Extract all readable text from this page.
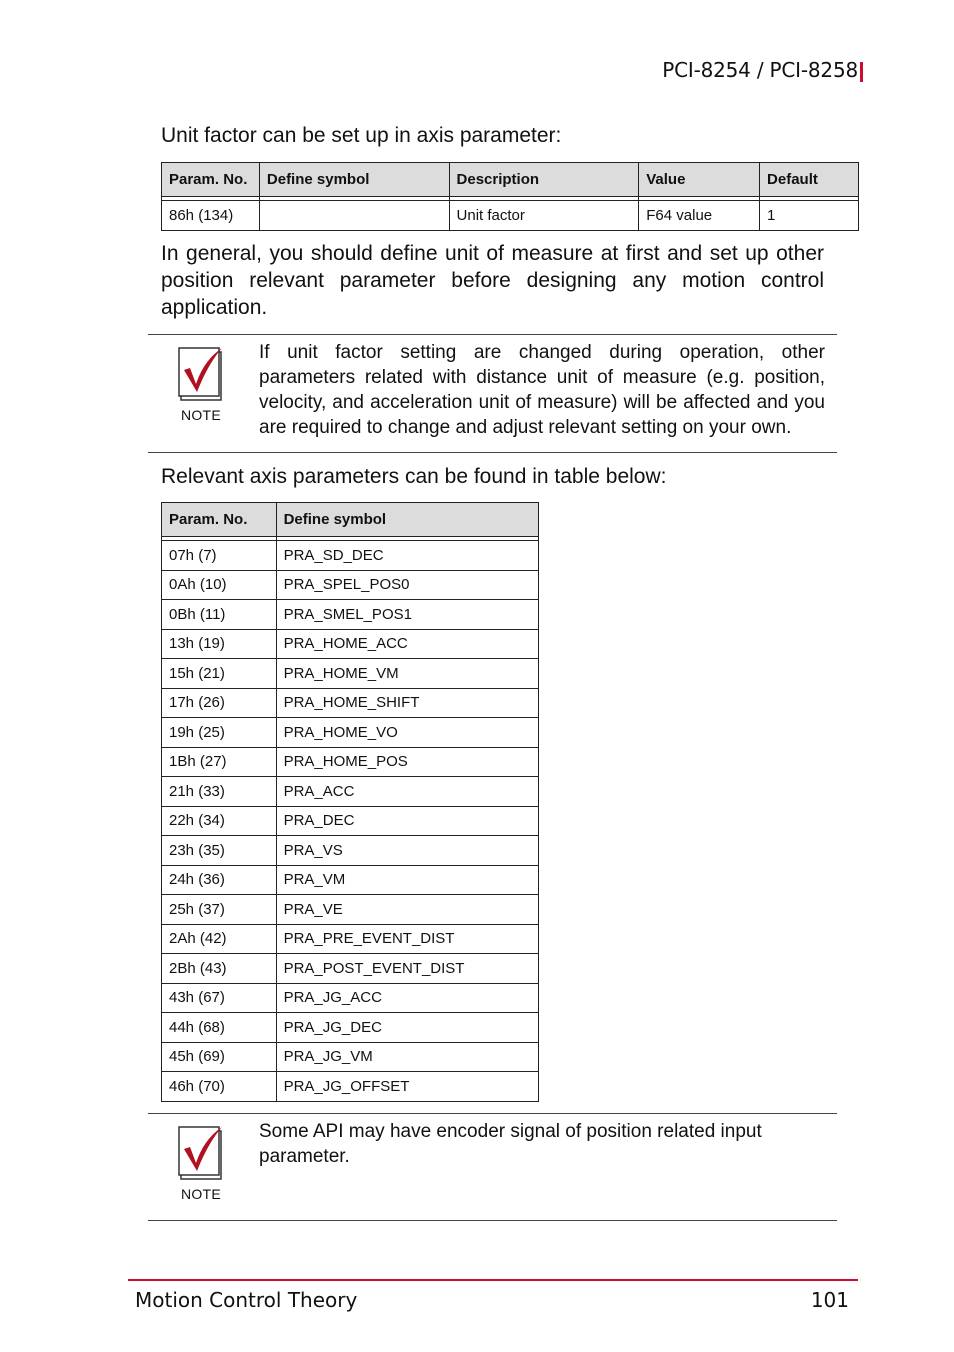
PCI-8254 / PCI-8258
Unit factor can be set up in axis parameter:
Param. No.	Define symbol	Description	Value	Default

86h (134)		Unit factor	F64 value	1
In general, you should define unit of measure at first and set up other position relevant parameter before designing any motion control application.
NOTE
If unit factor setting are changed during operation, other parameters related with distance unit of measure (e.g. position, velocity, and acceleration unit of measure) will be affected and you are required to change and adjust relevant setting on your own.
Relevant axis parameters can be found in table below:
Param. No.	Define symbol

07h (7)	PRA_SD_DEC
0Ah (10)	PRA_SPEL_POS0
0Bh (11)	PRA_SMEL_POS1
13h (19)	PRA_HOME_ACC
15h (21)	PRA_HOME_VM
17h (26)	PRA_HOME_SHIFT
19h (25)	PRA_HOME_VO
1Bh (27)	PRA_HOME_POS
21h (33)	PRA_ACC
22h (34)	PRA_DEC
23h (35)	PRA_VS
24h (36)	PRA_VM
25h (37)	PRA_VE
2Ah (42)	PRA_PRE_EVENT_DIST
2Bh (43)	PRA_POST_EVENT_DIST
43h (67)	PRA_JG_ACC
44h (68)	PRA_JG_DEC
45h (69)	PRA_JG_VM
46h (70)	PRA_JG_OFFSET
NOTE
Some API may have encoder signal of position related input parameter.
Motion Control Theory	101
